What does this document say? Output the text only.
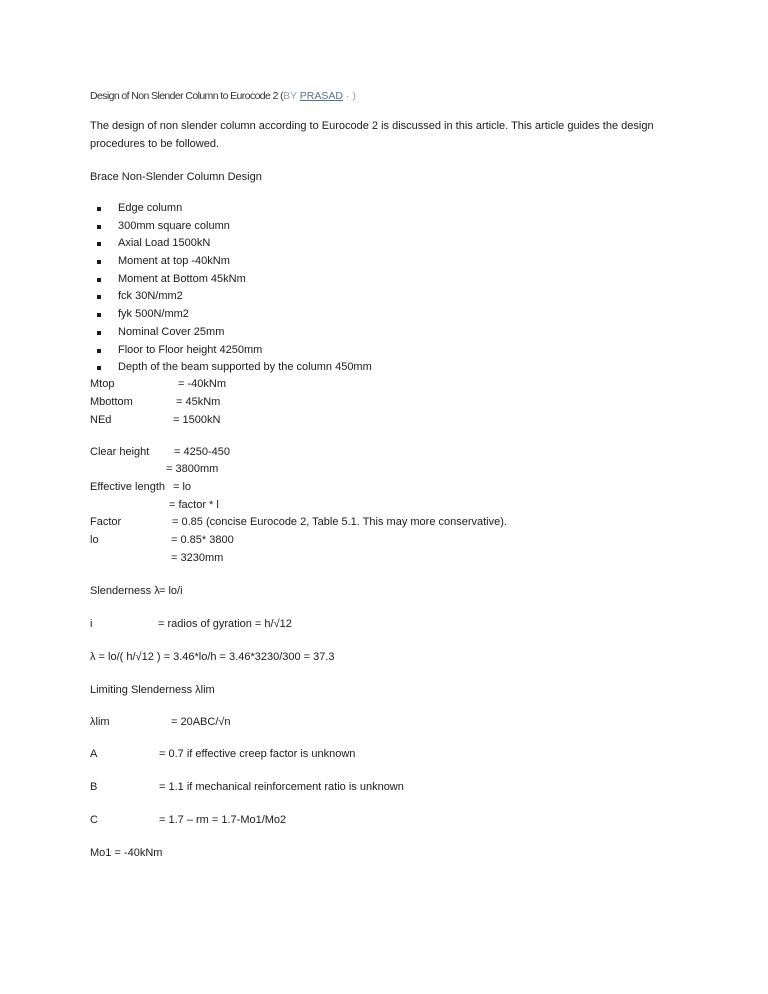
Design of Non Slender Column to Eurocode 2 (BY PRASAD · )
The design of non slender column according to Eurocode 2 is discussed in this article. This article guides the design procedures to be followed.
Brace Non-Slender Column Design
Edge column
300mm square column
Axial Load 1500kN
Moment at top -40kNm
Moment at Bottom 45kNm
fck 30N/mm2
fyk 500N/mm2
Nominal Cover 25mm
Floor to Floor height 4250mm
Depth of the beam supported by the column 450mm
Mtop	= -40kNm
Mbottom	= 45kNm
NEd	= 1500kN
Clear height = 4250-450
= 3800mm
Effective length = lo
= factor * l
Factor	= 0.85 (concise Eurocode 2, Table 5.1. This may more conservative).
lo	= 0.85* 3800
= 3230mm
Slenderness λ = lo/i
i	= radios of gyration = h/√12
λ = lo/( h/√12 ) = 3.46*lo/h = 3.46*3230/300 = 37.3
Limiting Slenderness λlim
λlim	= 20ABC/√n
A	= 0.7 if effective creep factor is unknown
B	= 1.1 if mechanical reinforcement ratio is unknown
C	= 1.7 – rm = 1.7-Mo1/Mo2
Mo1 = -40kNm
